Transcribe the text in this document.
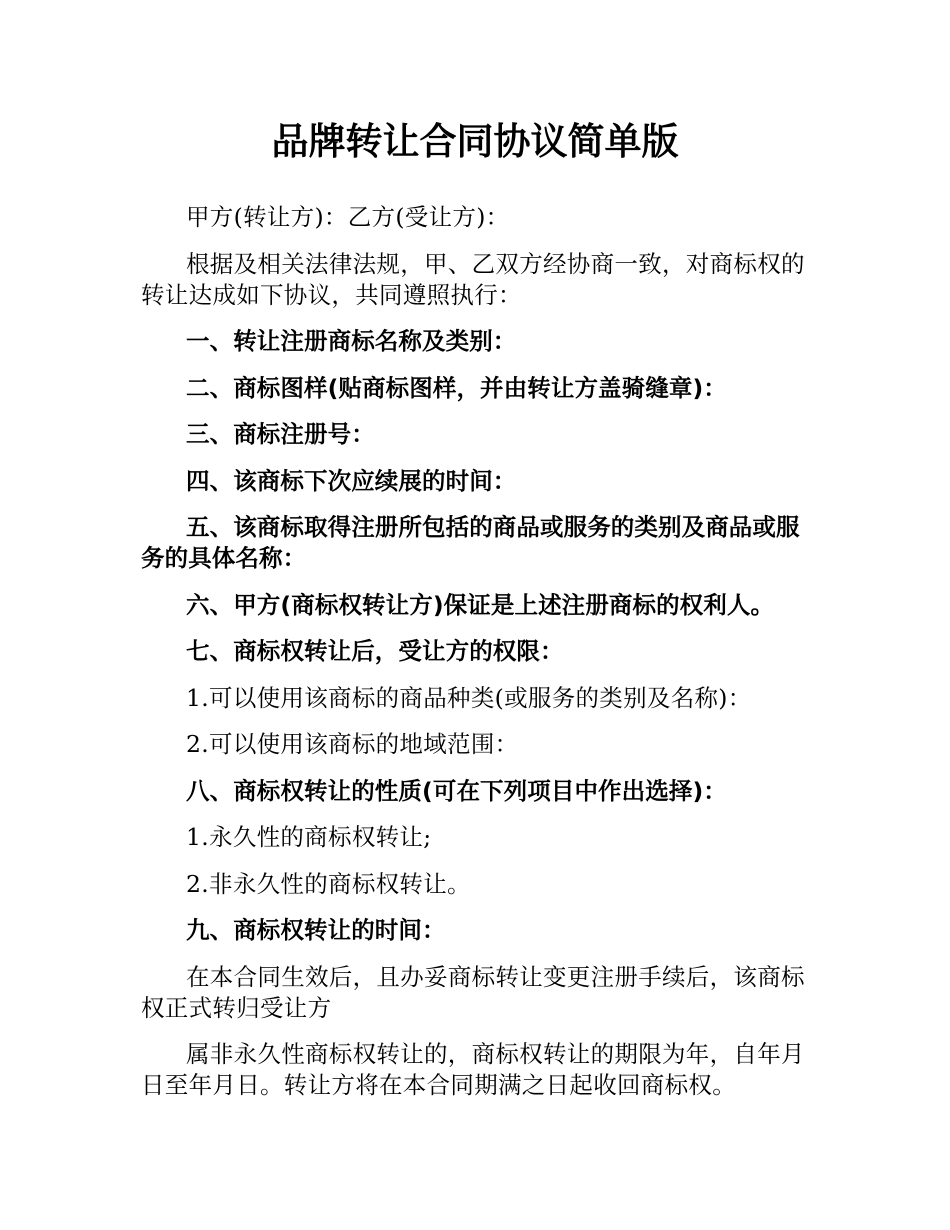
品牌转让合同协议简单版

甲方(转让方)：乙方(受让方)：

根据及相关法律法规，甲、乙双方经协商一致，对商标权的转让达成如下协议，共同遵照执行：

一、转让注册商标名称及类别：

二、商标图样(贴商标图样，并由转让方盖骑缝章)：

三、商标注册号：

四、该商标下次应续展的时间：

五、该商标取得注册所包括的商品或服务的类别及商品或服务的具体名称：

六、甲方(商标权转让方)保证是上述注册商标的权利人。

七、商标权转让后，受让方的权限：

1.可以使用该商标的商品种类(或服务的类别及名称)：

2.可以使用该商标的地域范围：

八、商标权转让的性质(可在下列项目中作出选择)：

1.永久性的商标权转让;

2.非永久性的商标权转让。

九、商标权转让的时间：

在本合同生效后，且办妥商标转让变更注册手续后，该商标权正式转归受让方

属非永久性商标权转让的，商标权转让的期限为年，自年月日至年月日。转让方将在本合同期满之日起收回商标权。
